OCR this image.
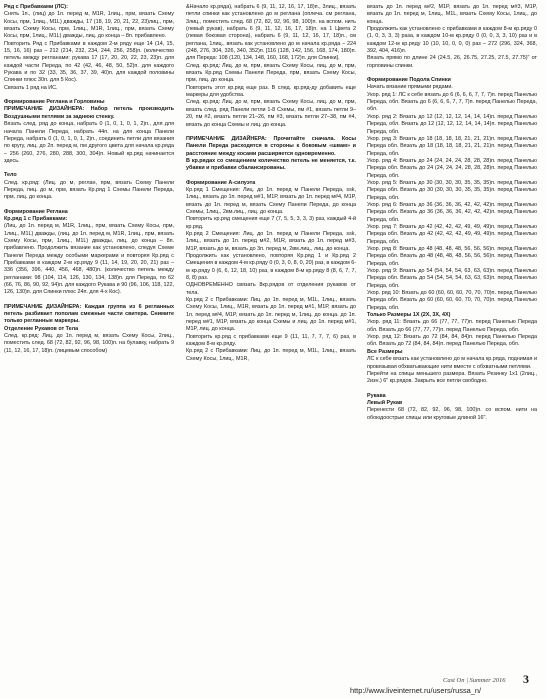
Ряд с Прибавками (ЛС):

Снять 1п., (лиц) до 1п. перед м, М1R, 1лиц., прм, вязать Схему Косы, прм, 1лиц., M1L) дважды, 17 (18, 19, 20, 21, 22, 23)лиц., прм, вязать Схему Косы, прм, 1лиц., M1R, 1лиц., прм, вязать Схему Косы, прм, 1лиц., M1L) дважды, лиц. до конца – 8п. прибавлено.

Повторить Ряд с Прибавками в каждом 2-м ряду еще 14 (14, 15, 15, 16, 16) раз – 212 (214, 232, 234, 244, 256, 258)п. (количество петель между регланами: рукава 17 (17, 20, 20, 22, 23, 23)п. для каждой части Переда, по 42 (42, 46, 48, 50, 52)п. для каждого Рукава и по 32 (33, 35, 36, 37, 39, 40)п. для каждой половины Спинки плюс 30п. для 5 Кос).

Связать 1 ряд на ИС.

Формирование Реглана и Горловины

ПРИМЕЧАНИЕ ДИЗАЙНЕРА: Набор петель производить Воздушными петлями за заднюю стенку.

Вязать след. ряд до конца, набрать 0 (1, 0, 1, 0, 1, 2)п., для для начала Панели Переда, набрать 44п. на для конца Панели Переда, набрать 0 (1, 0, 1, 0, 1, 2)п., соединить петли для вязания по кругу, лиц. до 2п. перед м, пм другого цвета для начала кр.ряда – 256 (260, 276, 280, 288, 300, 304)п. Новый кр.ряд начинается здесь.

Тело

След. кр.ряд: (Лиц. до м, реглан, прм, вязать Схему Панели Переда, лиц. до м, прм, вязать Кр.ряд 1 Схемы Панели Переда, прм, лиц. до конца.

Формирование Реглана

Кр.ряд 1 с Прибавками:

(Лиц. до 1п. перед м, M1R, 1лиц., прм, вязать Схему Косы, прм, 1лиц., M1L) дважды, (лиц. до 1п. перед м, M1R, 1лиц., прм, вязать Схему Косы, прм, 1лиц., M1L) дважды, лиц. до конца – 8п. прибавлено. Продолжить вязание как установлено, следуя Схеме Панели Переда между особыми маркерами и повторяя Кр.ряд с Прибавками в каждом 2-м кр.ряду 9 (11, 14, 19, 20, 20, 21) раз – 336 (356, 396, 440, 456, 468, 480)п. (количество петель между регланами: 98 (104, 114, 126, 130, 134, 138)п. для Переда, по 62 (66, 76, 86, 90, 92, 94)п. для каждого Рукава и 90 (96, 106, 118, 122, 126, 130)п. для Спинки плюс 24п. для 4-х Кос).

ПРИМЕЧАНИЕ ДИЗАЙНЕРА: Каждая группа из 6 регланных петель разбивает пополам смежные части свитера. Снимите только регланные маркеры.

Отделение Рукавов от Тела

След. кр.ряд: Лиц. до 1п. перед м, вязать Схему Косы, 2лиц., поместить след. 68 (72, 82, 92, 96, 98, 100)п. на булавку, набрать 9 (11, 12, 16, 17, 18)п. (лицевым способом)

&Начало кр.ряда), набрать 6 (9, 11, 12, 16, 17, 18)п., 3лиц., вязать петли спинки как установлено до м реглана (оплеча. см реглана, 3лиц., поместить след. 68 (72, 82, 92, 96, 98, 100)п. на вспом. нить (левый рукав), набрать 6 (9, 11, 12, 16, 17, 18)п. на 1 Цвета 2 (левая боковая сторона), набрать 6 (9, 11, 12, 16, 17, 18)п., см реглана, 1лиц., вязать как установлено до м начала кр.ряда – 224 (248, 276, 304, 326, 340, 352)п. [116 (128, 142, 156, 168, 174, 180)п. для Переда: 108 (120, 134, 148, 160, 168, 172)п. для Спинки].

След. кр.ряд: Лиц. до м, прм, вязать Схему Косы, лиц. до м, прм, вязать Кр.ряд Схемы Панели Переда, прм, вязать Схему Косы, прм, лиц. до конца.

Повторить этот кр.ряд еще раз. В след. кр.ряд-ду добавить еще маркеры для удобства.

След. кр.ряд: Лиц. до м, прм, вязать Схему Косы, лиц. до м, прм, вязать след. ряд Панели петли 1-8 Схемы, пм #1, вязать петли 9–20, пм #2, вязать петли 21–26, пм #3, вязать петли 27–38, пм #4, вязать до конца Схемы и лиц. до конца.

ПРИМЕЧАНИЕ ДИЗАЙНЕРА: Прочитайте сначала. Косы Панели Переда расходятся в стороны к боковым «швам» и расстояние между косами расширяется одновременно.

В кр.рядах со смещением количество петель не меняется, т.к. убавки и прибавки сбалансированы.

Формирование А-силуэта

Кр.ряд 1 Смещения: Лиц. до 1п. перед м Панели Переда, ssk, 1лиц., вязать до 1п. перед м#1, M1P, вязать до 1п. перед м#4, M1P, вязать до 1п. перед м, вязать Схему Панели Переда, до конца Схемы, 1лиц., 2вм.лиц., лиц. до конца.

Повторить кр.ряд смещения еще 7 (7, 5, 5, 3, 3, 3) раз, каждый 4-й кр.ряд.

Кр.ряд 2 Смещения: Лиц. до 1п. перед м Панели Переда, ssk, 1лиц., вязать до 1п. перед м#2, M1R, вязать до 1п. перед м#3, M1P, вязать до м, вязать до 3п. перед м, 2вм.лиц., лиц. до конца.

Продолжить как установлено, повторяя Кр.ряд 1 и Кр.ряд 2 Смещения в каждом 4-м кр.ряду 0 (0, 3, 0, 8, 0, 20) раз, в каждом 6-м кр.ряду 0 (6, 6, 12, 18, 10) раз, в каждом 8-м кр.ряду 8 (8, 6, 7, 7, 8, 8) раз.

ОДНОВРЕМЕННО связать 8кр.рядов от отделения рукавов от тела.

Кр.ряд 2 с Прибавками: Лиц. до 1п. перед м, M1L, 1лиц., вязать Схему Косы, 1лиц., M1R, вязать до 1п. перед м#1, M1P, вязать до 1п. перед м#4, M1P, вязать до 1п. перед м, 1лиц. до конца. до 1п. перед м#1, M1P, вязать до конца Схемы и лиц. до 1п. перед м#1, M1P, лиц. до конца.

Повторить кр.ряд с прибавками еще 9 (11, 11, 7, 7, 7, 6) раз, в каждом 8-м кр.ряду.

Кр.ряд 2 с Прибавками: Лиц. до 1п. перед м, M1L, 1лиц., вязать Схему Косы, 1лиц., M1R,

вязать до 1п. перед м#2, M1P, вязать до 1п. перед м#3, M1P, вязать до 1п. перед м, 1лиц., M1L, вязать Схему Косы, 1лиц., до конца.

Продолжить как установлено с прибавками в каждом 8-м кр.ряду 0 (1, 0, 3, 3, 3) раза, в каждом 10-м кр.ряду 0 (0, 0, 3, 3, 10) раз и в каждом 12-м кр.ряду 10 (10, 10, 0, 0, 0) раз – 272 (296, 324, 368, 392, 404, 416)п.

Вязать прямо по длине 24 (24.5, 26, 26.75, 27.25, 27.5, 27.75)" от горловины спинки.

Формирование Подола Спинки

Начать вязание прямыми рядами.

Укор. ряд 1: ЛС к себе вязать до 6 (6, 6, 6, 7, 7, 7)п. перед Панелью Переда, обл. Вязать до 6 (6, 6, 6, 7, 7, 7)п. перед Панелью Переда, обл.

Укор. ряд 2: Вязать до 12 (12, 12, 12, 14, 14, 14)п. перед Панелью Переда, обл. Вязать до 12 (12, 12, 12, 14, 14, 14)п. перед Панелью Переда, обл.

Укор. ряд 3: Вязать до 18 (18, 18, 18, 21, 21, 21)п. перед Панелью Переда обл. Вязать до 18 (18, 18, 18, 21, 21, 21)п. перед Панелью Переда, обл.

Укор. ряд 4: Вязать до 24 (24, 24, 24, 28, 28, 28)п. перед Панелью Переда обл. Вязать до 24 (24, 24, 24, 28, 28, 28)п. перед Панелью Переда, обл.

Укор. ряд 5: Вязать до 30 (30, 30, 30, 35, 35, 35)п. перед Панелью Переда обл. Вязать до 30 (30, 30, 30, 35, 35, 35)п. перед Панелью Переда, обл.

Укор. ряд 6: Вязать до 36 (36, 36, 36, 42, 42, 42)п. перед Панелью Переда обл. Вязать до 36 (36, 36, 36, 42, 42, 42)п. перед Панелью Переда, обл.

Укор. ряд 7: Вязать до 42 (42, 42, 42, 49, 49, 49)п. перед Панелью Переда обл. Вязать до 42 (42, 42, 42, 49, 49, 49)п. перед Панелью Переда, обл.

Укор. ряд 8: Вязать до 48 (48, 48, 48, 56, 56, 56)п. перед Панелью Переда обл. Вязать до 48 (48, 48, 48, 56, 56, 56)п. перед Панелью Переда, обл.

Укор. ряд 9: Вязать до 54 (54, 54, 54, 63, 63, 63)п. перед Панелью Переда обл. Вязать до 54 (54, 54, 54, 63, 63, 63)п. перед Панелью Переда, обл.

Укор. ряд 10: Вязать до 60 (60, 60, 60, 70, 70, 70)п. перед Панелью Переда обл. Вязать до 60 (60, 60, 60, 70, 70, 70)п. перед Панелью Переда, обл.

Только Размеры 1X (2X, 3X, 4X)

Укор. ряд 11: Вязать до 66 (77, 77, 77)п. перед Панелью Переда обл. Вязать до 66 (77, 77, 77)п. перед Панелью Переда, обл.

Укор. ряд 12: Вязать до 72 (84, 84, 84)п. перед Панелью Переда обл. Вязать до 72 (84, 84, 84)п. перед Панелью Переда, обл.

Все Размеры

ЛС к себе вязать как установлено до м начала кр.ряда, поднимая и провязывая обхватывающие нити вместе с обхватными петлями.

Перейти на спицы меньшего размера. Вязать Резинку 1х1 (2лиц., 2изн.) 6" кр.рядов. Закрыть все петли свободно.

Рукава

Левый Рукав

Перенести 68 (72, 82, 92, 96, 98, 100)п. со вспом. нити на обоюдоострые спицы или круговые длиной 16".

Cast On | Summer 2016 3
http://www.liveinternet.ru/users/russa_n/
